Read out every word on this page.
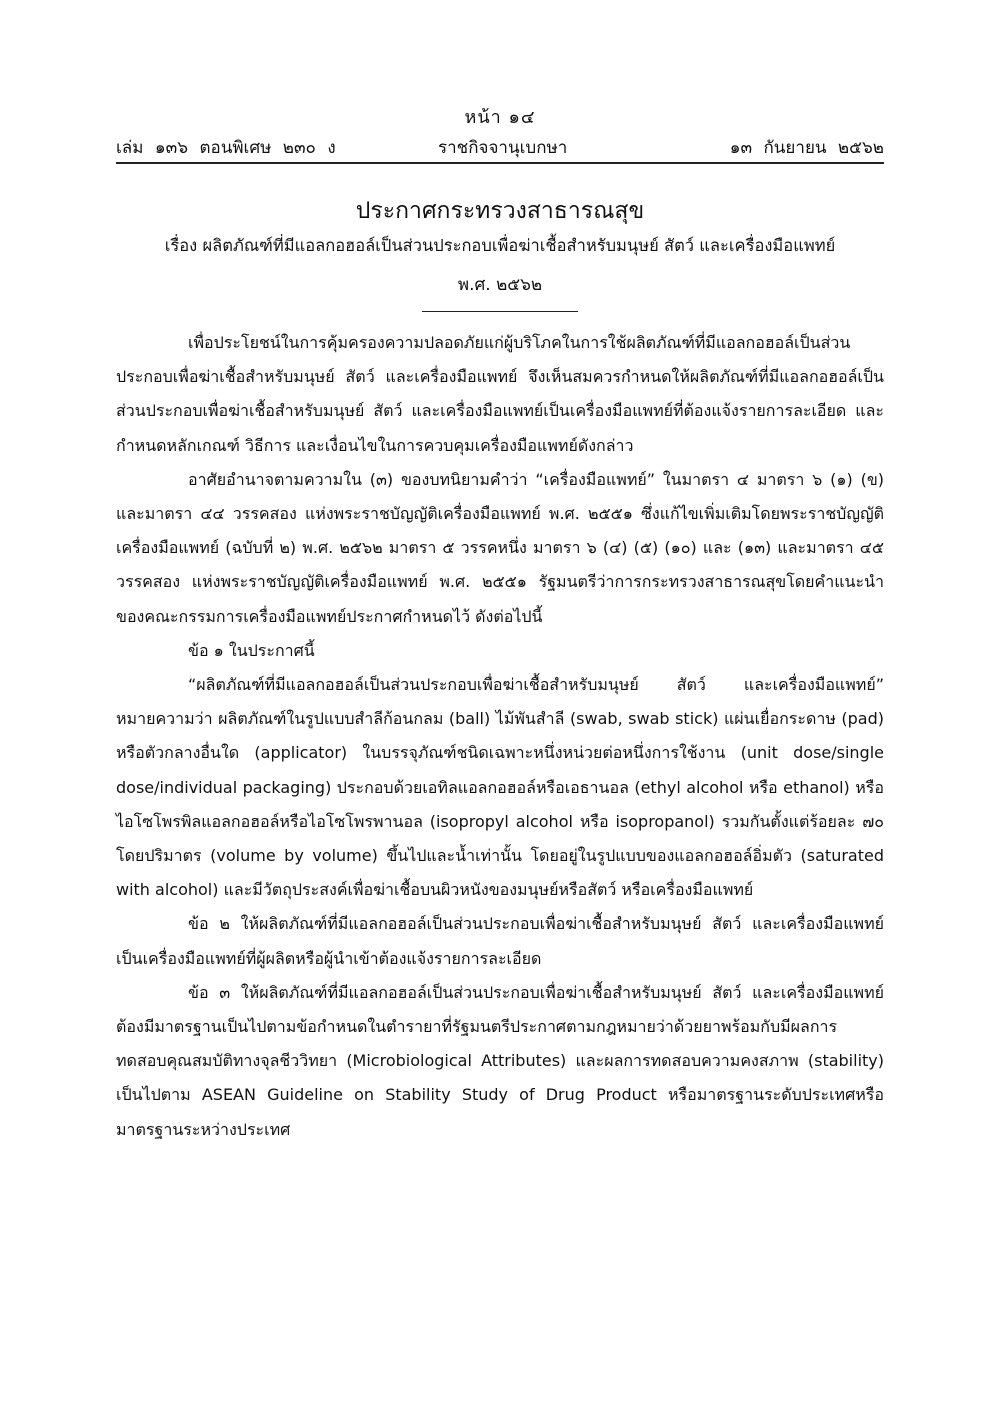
หน้า ๑๔
เล่ม ๑๓๖ ตอนพิเศษ ๒๓๐ ง	ราชกิจจานุเบกษา	๑๓ กันยายน ๒๕๖๒
ประกาศกระทรวงสาธารณสุข
เรื่อง ผลิตภัณฑ์ที่มีแอลกอฮอล์เป็นส่วนประกอบเพื่อฆ่าเชื้อสำหรับมนุษย์ สัตว์ และเครื่องมือแพทย์
พ.ศ. ๒๕๖๒

เพื่อประโยชน์ในการคุ้มครองความปลอดภัยแก่ผู้บริโภคในการใช้ผลิตภัณฑ์ที่มีแอลกอฮอล์เป็นส่วนประกอบเพื่อฆ่าเชื้อสำหรับมนุษย์ สัตว์ และเครื่องมือแพทย์ จึงเห็นสมควรกำหนดให้ผลิตภัณฑ์ที่มีแอลกอฮอล์เป็นส่วนประกอบเพื่อฆ่าเชื้อสำหรับมนุษย์ สัตว์ และเครื่องมือแพทย์เป็นเครื่องมือแพทย์ที่ต้องแจ้งรายการละเอียด และกำหนดหลักเกณฑ์ วิธีการ และเงื่อนไขในการควบคุมเครื่องมือแพทย์ดังกล่าว

อาศัยอำนาจตามความใน (๓) ของบทนิยามคำว่า “เครื่องมือแพทย์” ในมาตรา ๔ มาตรา ๖ (๑) (ข) และมาตรา ๔๔ วรรคสอง แห่งพระราชบัญญัติเครื่องมือแพทย์ พ.ศ. ๒๕๕๑ ซึ่งแก้ไขเพิ่มเติมโดยพระราชบัญญัติเครื่องมือแพทย์ (ฉบับที่ ๒) พ.ศ. ๒๕๖๒ มาตรา ๕ วรรคหนึ่ง มาตรา ๖ (๔) (๕) (๑๐) และ (๑๓) และมาตรา ๔๕ วรรคสอง แห่งพระราชบัญญัติเครื่องมือแพทย์ พ.ศ. ๒๕๕๑ รัฐมนตรีว่าการกระทรวงสาธารณสุขโดยคำแนะนำของคณะกรรมการเครื่องมือแพทย์ประกาศกำหนดไว้ ดังต่อไปนี้

ข้อ ๑ ในประกาศนี้

“ผลิตภัณฑ์ที่มีแอลกอฮอล์เป็นส่วนประกอบเพื่อฆ่าเชื้อสำหรับมนุษย์ สัตว์ และเครื่องมือแพทย์” หมายความว่า ผลิตภัณฑ์ในรูปแบบสำลีก้อนกลม (ball) ไม้พันสำลี (swab, swab stick) แผ่นเยื่อกระดาษ (pad) หรือตัวกลางอื่นใด (applicator) ในบรรจุภัณฑ์ชนิดเฉพาะหนึ่งหน่วยต่อหนึ่งการใช้งาน (unit dose/single dose/individual packaging) ประกอบด้วยเอทิลแอลกอฮอล์หรือเอธานอล (ethyl alcohol หรือ ethanol) หรือไอโซโพรพิลแอลกอฮอล์หรือไอโซโพรพานอล (isopropyl alcohol หรือ isopropanol) รวมกันตั้งแต่ร้อยละ ๗๐ โดยปริมาตร (volume by volume) ขึ้นไปและน้ำเท่านั้น โดยอยู่ในรูปแบบของแอลกอฮอล์อิ่มตัว (saturated with alcohol) และมีวัตถุประสงค์เพื่อฆ่าเชื้อบนผิวหนังของมนุษย์หรือสัตว์ หรือเครื่องมือแพทย์

ข้อ ๒ ให้ผลิตภัณฑ์ที่มีแอลกอฮอล์เป็นส่วนประกอบเพื่อฆ่าเชื้อสำหรับมนุษย์ สัตว์ และเครื่องมือแพทย์เป็นเครื่องมือแพทย์ที่ผู้ผลิตหรือผู้นำเข้าต้องแจ้งรายการละเอียด

ข้อ ๓ ให้ผลิตภัณฑ์ที่มีแอลกอฮอล์เป็นส่วนประกอบเพื่อฆ่าเชื้อสำหรับมนุษย์ สัตว์ และเครื่องมือแพทย์ต้องมีมาตรฐานเป็นไปตามข้อกำหนดในตำรายาที่รัฐมนตรีประกาศตามกฎหมายว่าด้วยยาพร้อมกับมีผลการทดสอบคุณสมบัติทางจุลชีววิทยา (Microbiological Attributes) และผลการทดสอบความคงสภาพ (stability) เป็นไปตาม ASEAN Guideline on Stability Study of Drug Product หรือมาตรฐานระดับประเทศหรือมาตรฐานระหว่างประเทศ
